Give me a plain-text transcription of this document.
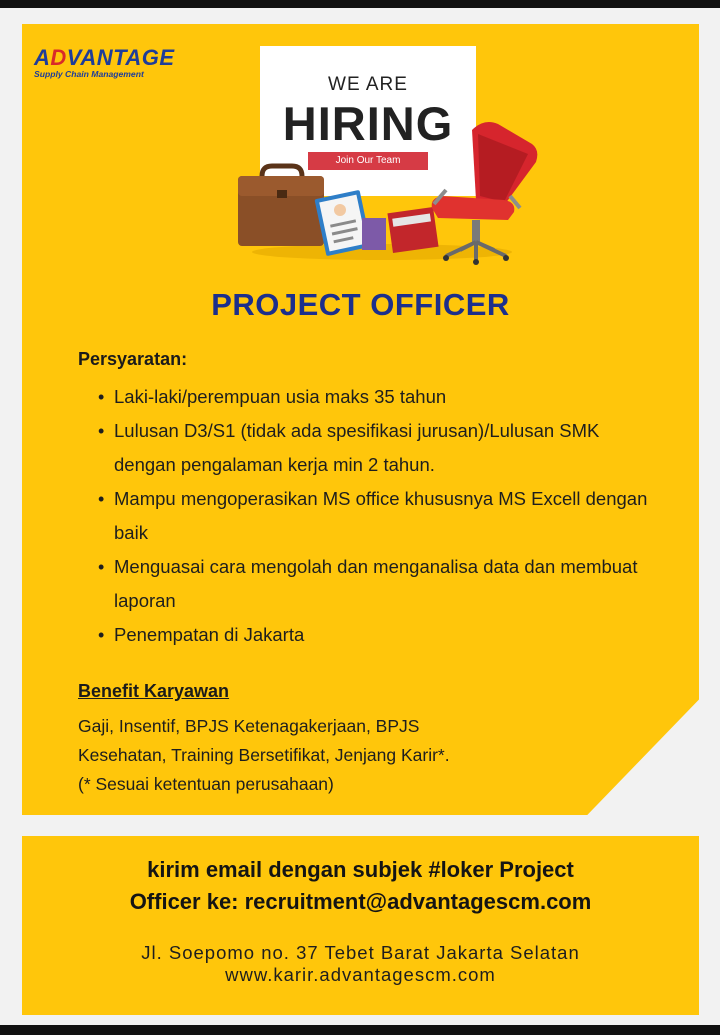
ADVANTAGE
Supply Chain Management	WE ARE
HIRING
Join Our Team
PROJECT OFFICER
Persyaratan:
• Laki-laki/perempuan usia maks 35 tahun
• Lulusan D3/S1 (tidak ada spesifikasi jurusan)/Lulusan SMK dengan pengalaman kerja min 2 tahun.
• Mampu mengoperasikan MS office khususnya MS Excell dengan baik
• Menguasai cara mengolah dan menganalisa data dan membuat laporan
• Penempatan di Jakarta
Benefit Karyawan
Gaji, Insentif, BPJS Ketenagakerjaan, BPJS
Kesehatan, Training Bersetifikat, Jenjang Karir*.
(* Sesuai ketentuan perusahaan)
kirim email dengan subjek #loker Project
Officer ke: recruitment@advantagescm.com
Jl. Soepomo no. 37 Tebet Barat Jakarta Selatan
www.karir.advantagescm.com
